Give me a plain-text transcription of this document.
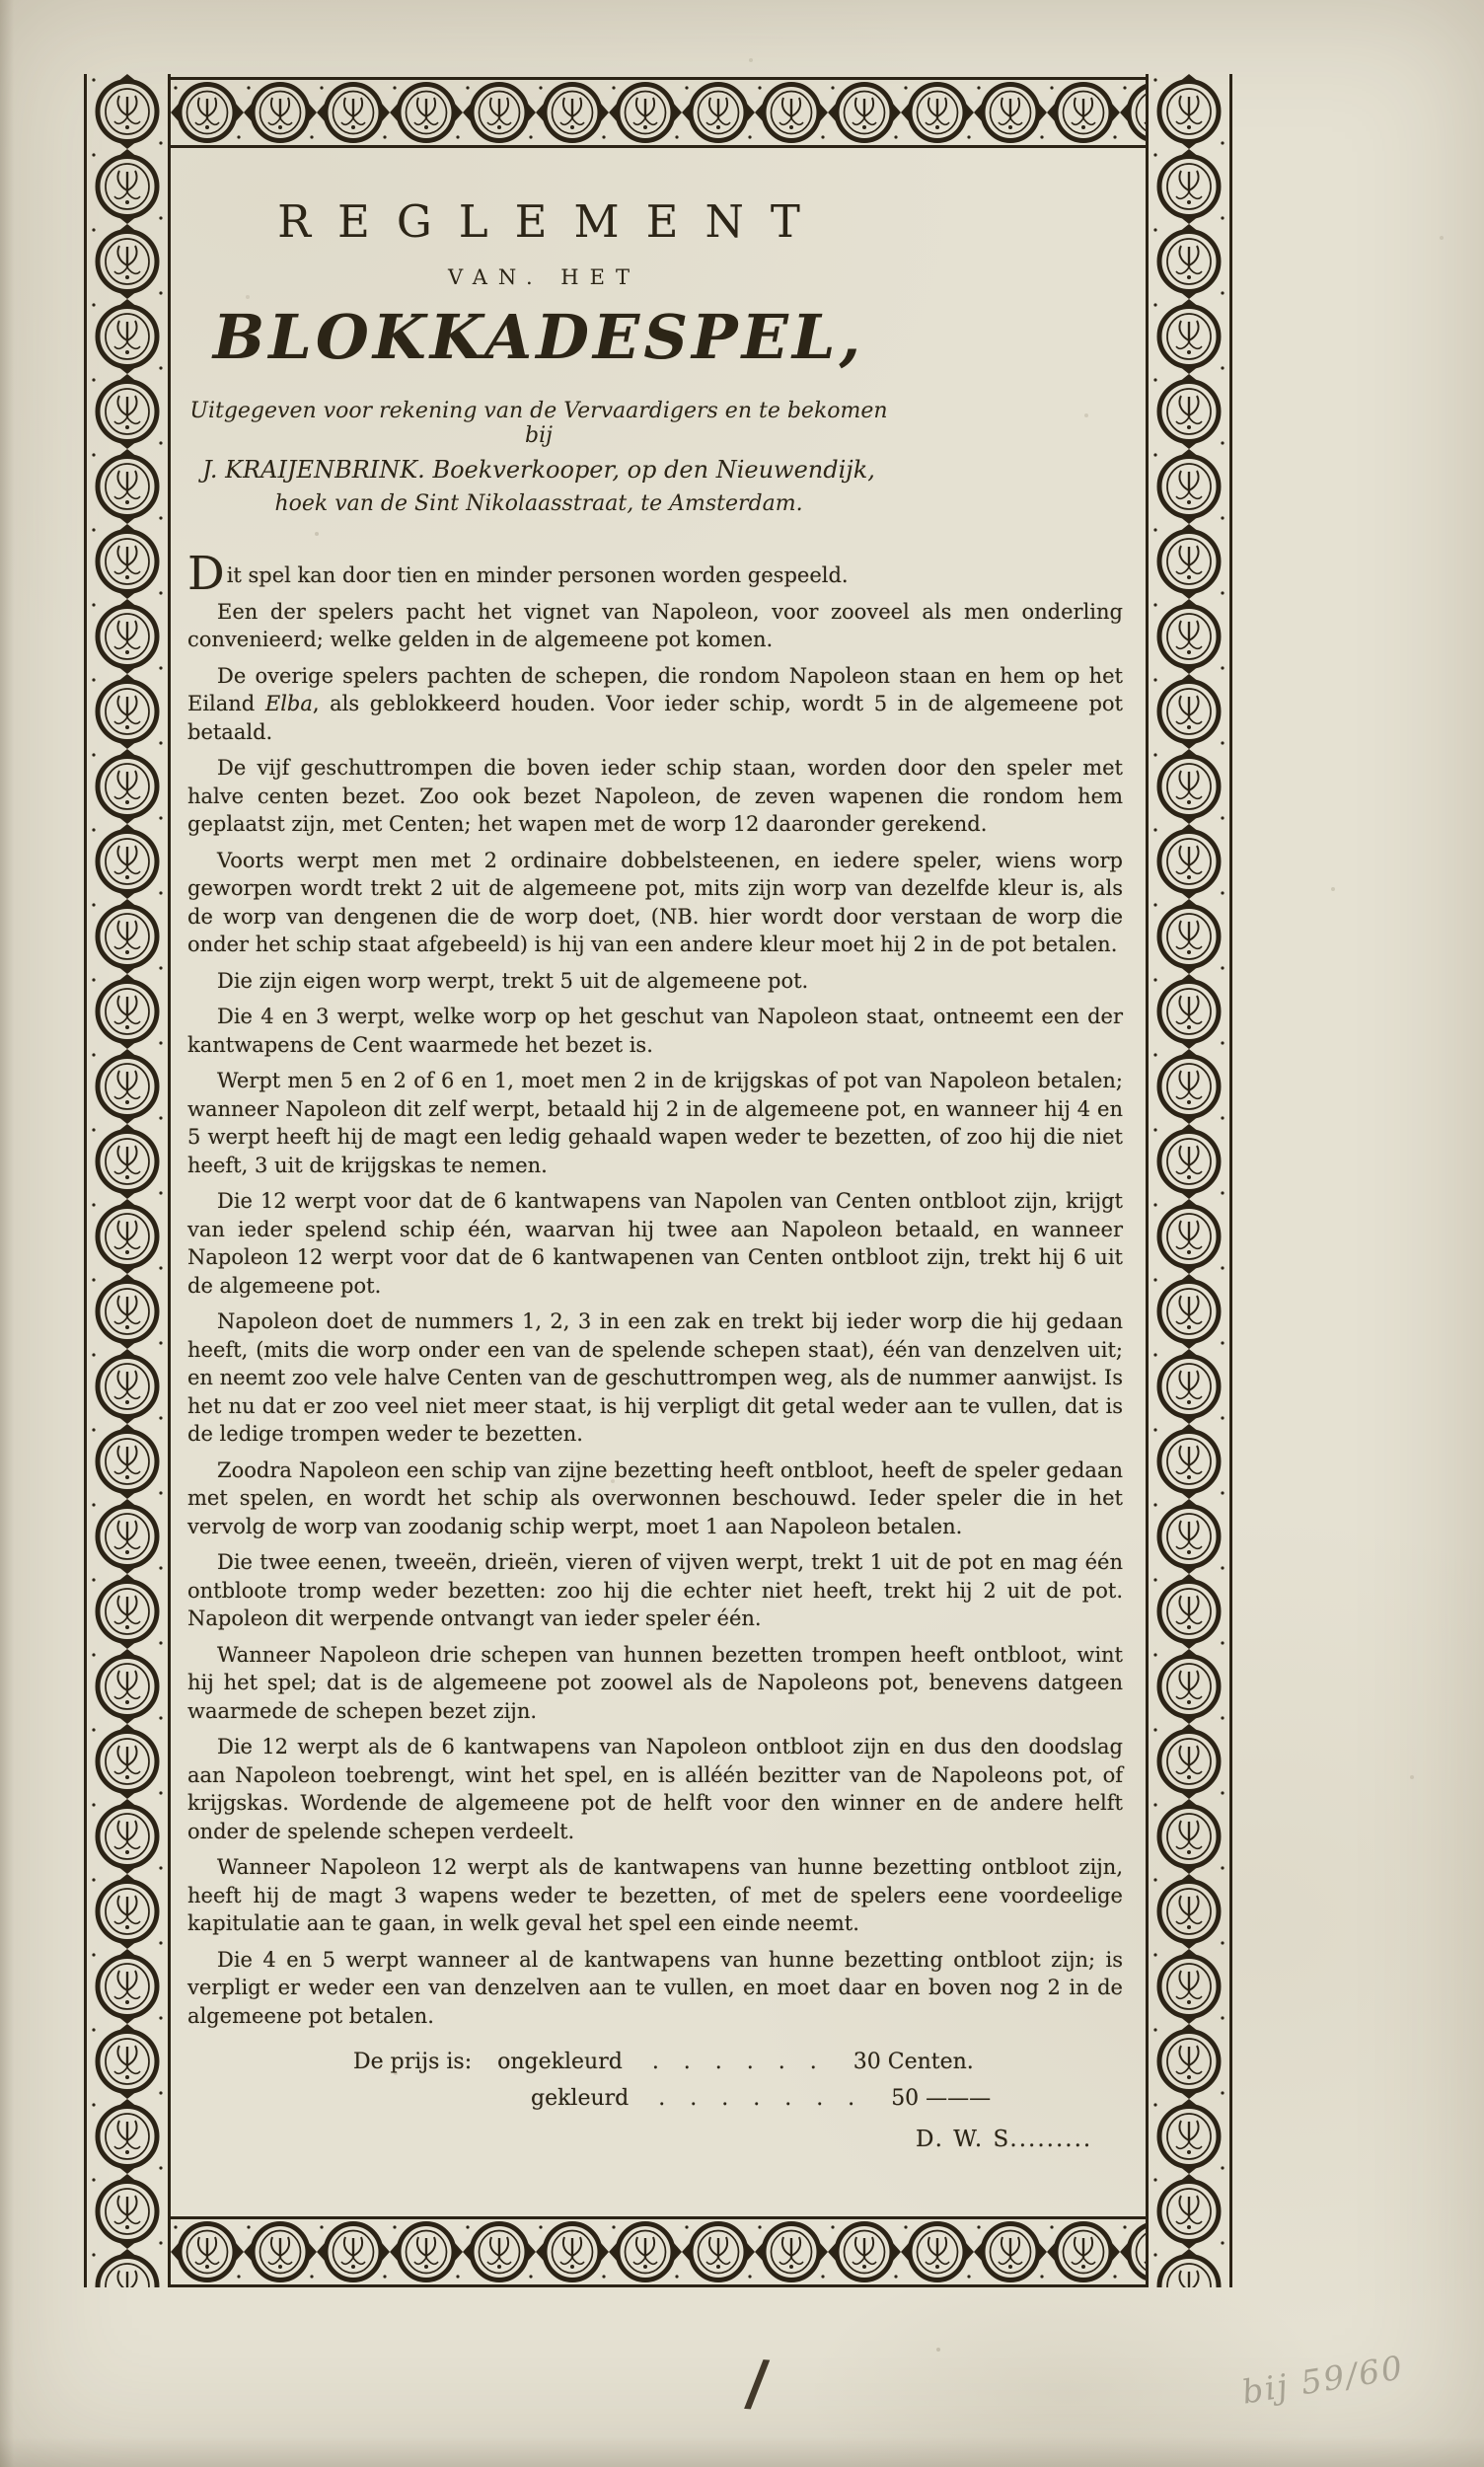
REGLEMENT
VAN. HET
BLOKKADESPEL,
Uitgegeven voor rekening van de Vervaardigers en te bekomen bij
J. KRAIJENBRINK. Boekverkooper, op den Nieuwendijk,
hoek van de Sint Nikolaasstraat, te Amsterdam.

Dit spel kan door tien en minder personen worden gespeeld.

Een der spelers pacht het vignet van Napoleon, voor zooveel als men onderling convenieerd; welke gelden in de algemeene pot komen.

De overige spelers pachten de schepen, die rondom Napoleon staan en hem op het Eiland Elba, als geblokkeerd houden. Voor ieder schip, wordt 5 in de algemeene pot betaald.

De vijf geschuttrompen die boven ieder schip staan, worden door den speler met halve centen bezet. Zoo ook bezet Napoleon, de zeven wapenen die rondom hem geplaatst zijn, met Centen; het wapen met de worp 12 daaronder gerekend.

Voorts werpt men met 2 ordinaire dobbelsteenen, en iedere speler, wiens worp geworpen wordt trekt 2 uit de algemeene pot, mits zijn worp van dezelfde kleur is, als de worp van dengenen die de worp doet, (NB. hier wordt door verstaan de worp die onder het schip staat afgebeeld) is hij van een andere kleur moet hij 2 in de pot betalen.

Die zijn eigen worp werpt, trekt 5 uit de algemeene pot.

Die 4 en 3 werpt, welke worp op het geschut van Napoleon staat, ontneemt een der kantwapens de Cent waarmede het bezet is.

Werpt men 5 en 2 of 6 en 1, moet men 2 in de krijgskas of pot van Napoleon betalen; wanneer Napoleon dit zelf werpt, betaald hij 2 in de algemeene pot, en wanneer hij 4 en 5 werpt heeft hij de magt een ledig gehaald wapen weder te bezetten, of zoo hij die niet heeft, 3 uit de krijgskas te nemen.

Die 12 werpt voor dat de 6 kantwapens van Napolen van Centen ontbloot zijn, krijgt van ieder spelend schip één, waarvan hij twee aan Napoleon betaald, en wanneer Napoleon 12 werpt voor dat de 6 kantwapenen van Centen ontbloot zijn, trekt hij 6 uit de algemeene pot.

Napoleon doet de nummers 1, 2, 3 in een zak en trekt bij ieder worp die hij gedaan heeft, (mits die worp onder een van de spelende schepen staat), één van denzelven uit; en neemt zoo vele halve Centen van de geschuttrompen weg, als de nummer aanwijst. Is het nu dat er zoo veel niet meer staat, is hij verpligt dit getal weder aan te vullen, dat is de ledige trompen weder te bezetten.

Zoodra Napoleon een schip van zijne bezetting heeft ontbloot, heeft de speler gedaan met spelen, en wordt het schip als overwonnen beschouwd. Ieder speler die in het vervolg de worp van zoodanig schip werpt, moet 1 aan Napoleon betalen.

Die twee eenen, tweeën, drieën, vieren of vijven werpt, trekt 1 uit de pot en mag één ontbloote tromp weder bezetten: zoo hij die echter niet heeft, trekt hij 2 uit de pot. Napoleon dit werpende ontvangt van ieder speler één.

Wanneer Napoleon drie schepen van hunnen bezetten trompen heeft ontbloot, wint hij het spel; dat is de algemeene pot zoowel als de Napoleons pot, benevens datgeen waarmede de schepen bezet zijn.

Die 12 werpt als de 6 kantwapens van Napoleon ontbloot zijn en dus den doodslag aan Napoleon toebrengt, wint het spel, en is alléén bezitter van de Napoleons pot, of krijgskas. Wordende de algemeene pot de helft voor den winner en de andere helft onder de spelende schepen verdeelt.

Wanneer Napoleon 12 werpt als de kantwapens van hunne bezetting ontbloot zijn, heeft hij de magt 3 wapens weder te bezetten, of met de spelers eene voordeelige kapitulatie aan te gaan, in welk geval het spel een einde neemt.

Die 4 en 5 werpt wanneer al de kantwapens van hunne bezetting ontbloot zijn; is verpligt er weder een van denzelven aan te vullen, en moet daar en boven nog 2 in de algemeene pot betalen.

De prijs is: ongekleurd . . . . . . 30 Centen.
gekleurd . . . . . . . 50 ———
D. W. S.........
/	bij 59/60
